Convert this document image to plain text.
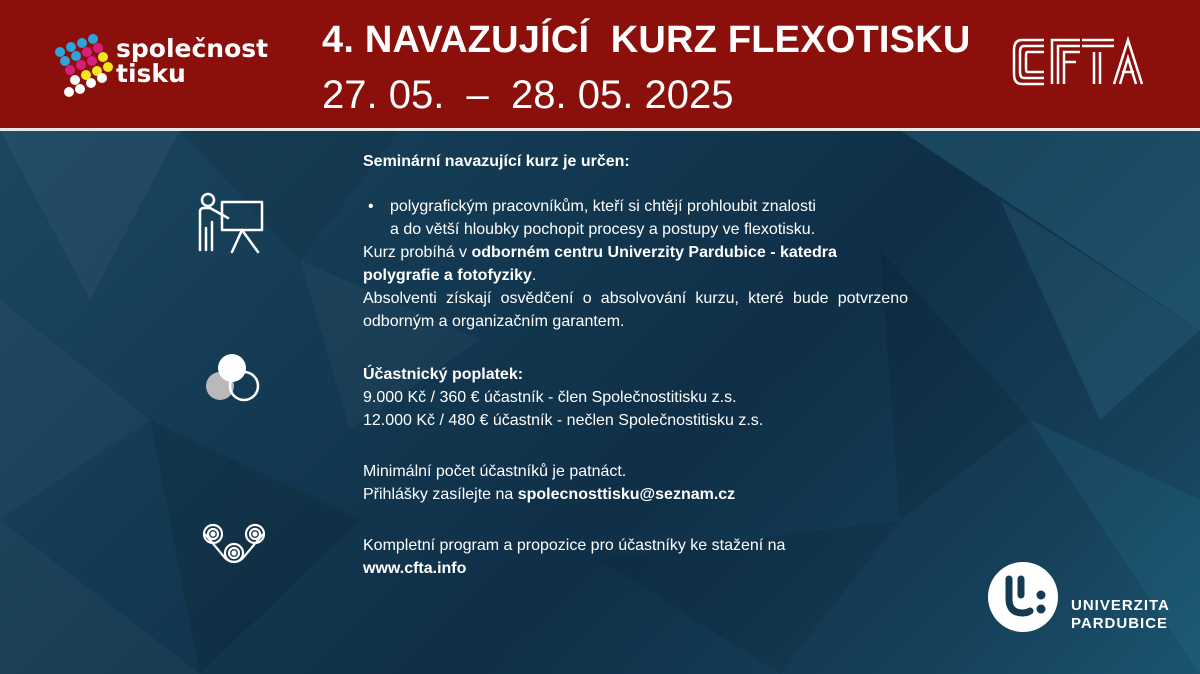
společnost
tisku
4. NAVAZUJÍCÍ  KURZ FLEXOTISKU
27. 05.  –  28. 05. 2025

Seminární navazující kurz je určen:

• polygrafickým pracovníkům, kteří si chtějí prohloubit znalosti
a do větší hloubky pochopit procesy a postupy ve flexotisku.

Kurz probíhá v odborném centru Univerzity Pardubice - katedra polygrafie a fotofyziky.

Absolventi získají osvědčení o absolvování kurzu, které bude potvrzeno odborným a organizačním garantem.

Účastnický poplatek:
9.000 Kč / 360 € účastník - člen Společnostitisku z.s.
12.000 Kč / 480 € účastník - nečlen Společnostitisku z.s.
Minimální počet účastníků je patnáct.
Přihlášky zasílejte na spolecnosttisku@seznam.cz
Kompletní program a propozice pro účastníky ke stažení na
www.cfta.info
UNIVERZITA
PARDUBICE
